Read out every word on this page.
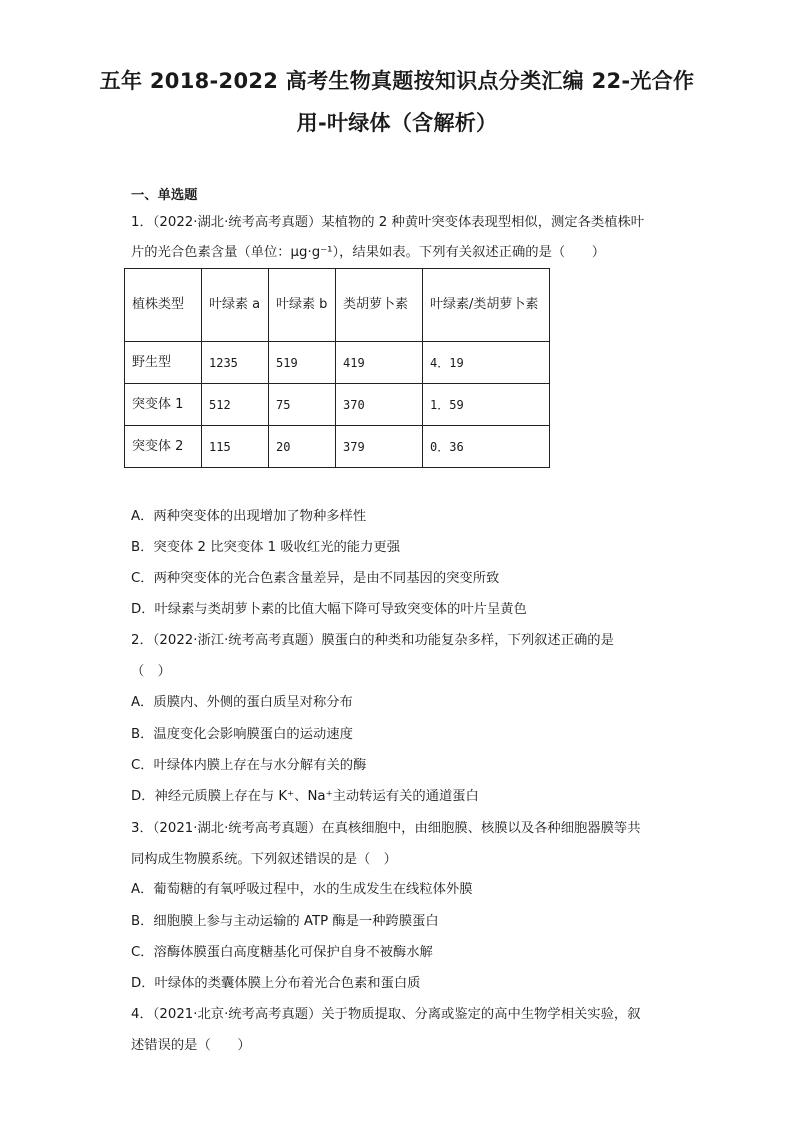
五年 2018-2022 高考生物真题按知识点分类汇编 22-光合作
用-叶绿体（含解析）
一、单选题
1．（2022·湖北·统考高考真题）某植物的 2 种黄叶突变体表现型相似，测定各类植株叶
片的光合色素含量（单位：μg·g⁻¹），结果如表。下列有关叙述正确的是（　　）
植株类型	叶绿素 a	叶绿素 b	类胡萝卜素	叶绿素/类胡萝卜素
野生型	1235	519	419	4．19
突变体 1	512	75	370	1．59
突变体 2	115	20	379	0．36
A．两种突变体的出现增加了物种多样性
B．突变体 2 比突变体 1 吸收红光的能力更强
C．两种突变体的光合色素含量差异，是由不同基因的突变所致
D．叶绿素与类胡萝卜素的比值大幅下降可导致突变体的叶片呈黄色
2．（2022·浙江·统考高考真题）膜蛋白的种类和功能复杂多样，下列叙述正确的是
（　）
A．质膜内、外侧的蛋白质呈对称分布
B．温度变化会影响膜蛋白的运动速度
C．叶绿体内膜上存在与水分解有关的酶
D．神经元质膜上存在与 K⁺、Na⁺主动转运有关的通道蛋白
3．（2021·湖北·统考高考真题）在真核细胞中，由细胞膜、核膜以及各种细胞器膜等共
同构成生物膜系统。下列叙述错误的是（　）
A．葡萄糖的有氧呼吸过程中，水的生成发生在线粒体外膜
B．细胞膜上参与主动运输的 ATP 酶是一种跨膜蛋白
C．溶酶体膜蛋白高度糖基化可保护自身不被酶水解
D．叶绿体的类囊体膜上分布着光合色素和蛋白质
4．（2021·北京·统考高考真题）关于物质提取、分离或鉴定的高中生物学相关实验，叙
述错误的是（　　）
